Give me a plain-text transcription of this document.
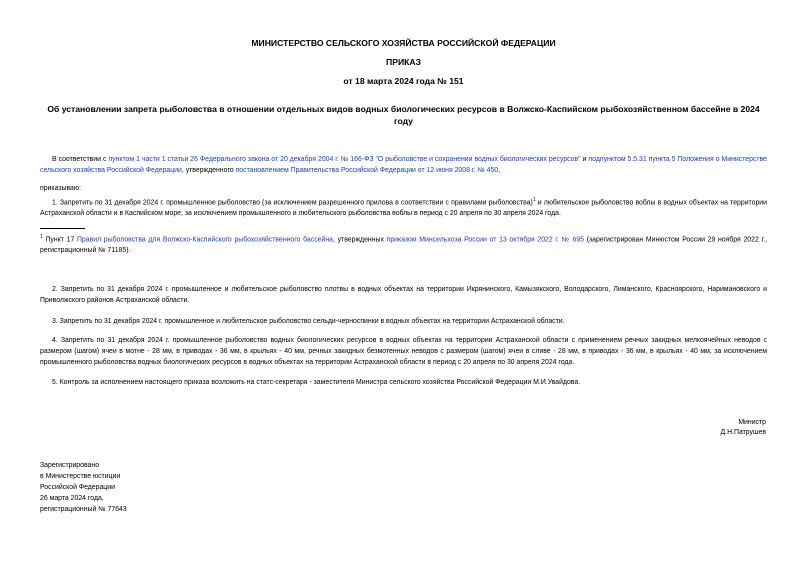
МИНИСТЕРСТВО СЕЛЬСКОГО ХОЗЯЙСТВА РОССИЙСКОЙ ФЕДЕРАЦИИ
ПРИКАЗ
от 18 марта 2024 года № 151
Об установлении запрета рыболовства в отношении отдельных видов водных биологических ресурсов в Волжско-Каспийском рыбохозяйственном бассейне в 2024 году
В соответствии с пунктом 1 части 1 статьи 26 Федерального закона от 20 декабря 2004 г. № 166-ФЗ "О рыболовстве и сохранении водных биологических ресурсов" и подпунктом 5.5.31 пункта 5 Положения о Министерстве сельского хозяйства Российской Федерации, утвержденного постановлением Правительства Российской Федерации от 12 июня 2008 г. № 450,
приказываю:
1. Запретить по 31 декабря 2024 г. промышленное рыболовство (за исключением разрешенного прилова в соответствии с правилами рыболовства)$^1$ и любительское рыболовство воблы в водных объектах на территории Астраханской области и в Каспийском море, за исключением промышленного и любительского рыболовства воблы в период с 20 апреля по 30 апреля 2024 года.
$^1$ Пункт 17 Правил рыболовства для Волжско-Каспийского рыбохозяйственного бассейна, утвержденных приказом Минсельхоза России от 13 октября 2022 г. № 695 (зарегистрирован Минюстом России 29 ноября 2022 г., регистрационный № 71185).
2. Запретить по 31 декабря 2024 г. промышленное и любительское рыболовство плотвы в водных объектах на территории Икрянинского, Камызякского, Володарского, Лиманского, Красноярского, Наримановского и Приволжского районов Астраханской области.
3. Запретить по 31 декабря 2024 г. промышленное и любительское рыболовство сельди-черноспинки в водных объектах на территории Астраханской области.
4. Запретить по 31 декабря 2024 г. промышленное рыболовство водных биологических ресурсов в водных объектах на территории Астраханской области с применением речных закидных мелкоячейных неводов с размером (шагом) ячеи в мотне - 28 мм, в приводах - 36 мм, в крыльях - 40 мм, речных закидных безмотенных неводов с размером (шагом) ячеи в сливе - 28 мм, в приводах - 36 мм, в крыльях - 40 мм, за исключением промышленного рыболовства водных биологических ресурсов в водных объектах на территории Астраханской области в период с 20 апреля по 30 апреля 2024 года.
5. Контроль за исполнением настоящего приказа возложить на статс-секретаря - заместителя Министра сельского хозяйства Российской Федерации М.И.Увайдова.
Министр
Д.Н.Патрушев
Зарегистрировано
в Министерстве юстиции
Российской Федерации
26 марта 2024 года,
регистрационный № 77643
